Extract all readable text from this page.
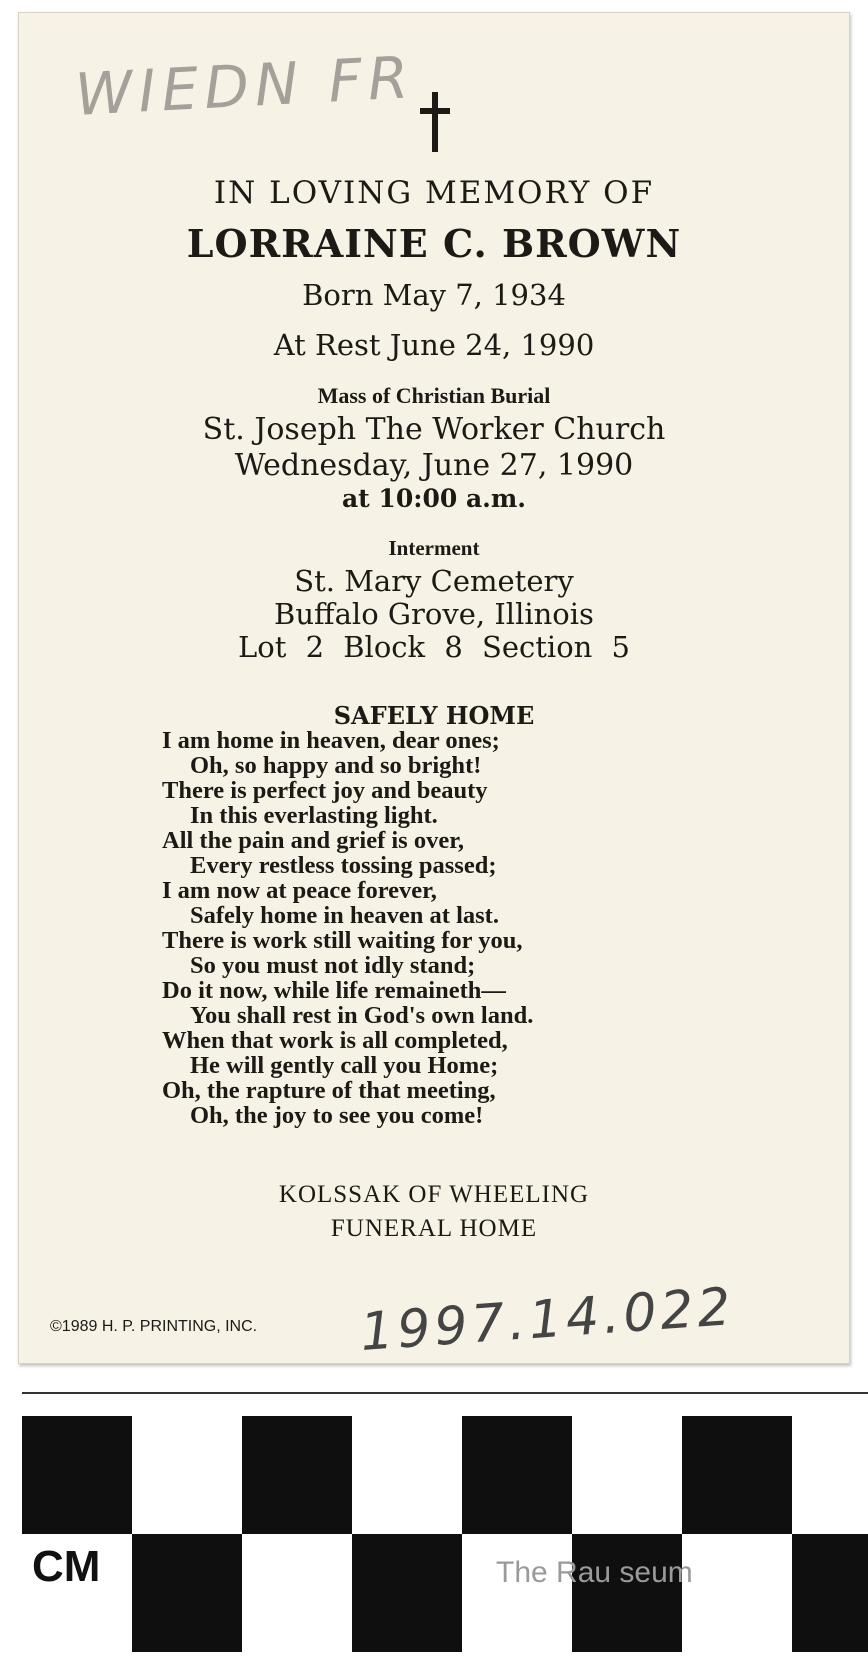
WIEDN FR
IN LOVING MEMORY OF
LORRAINE C. BROWN
Born May 7, 1934
At Rest June 24, 1990
Mass of Christian Burial
St. Joseph The Worker Church
Wednesday, June 27, 1990
at 10:00 a.m.
Interment
St. Mary Cemetery
Buffalo Grove, Illinois
Lot 2 Block 8 Section 5
SAFELY HOME
I am home in heaven, dear ones;
Oh, so happy and so bright!
There is perfect joy and beauty
In this everlasting light.
All the pain and grief is over,
Every restless tossing passed;
I am now at peace forever,
Safely home in heaven at last.
There is work still waiting for you,
So you must not idly stand;
Do it now, while life remaineth—
You shall rest in God's own land.
When that work is all completed,
He will gently call you Home;
Oh, the rapture of that meeting,
Oh, the joy to see you come!
KOLSSAK OF WHEELING
FUNERAL HOME
©1989 H. P. PRINTING, INC. 1997.14.022
CM	The Rau seum
